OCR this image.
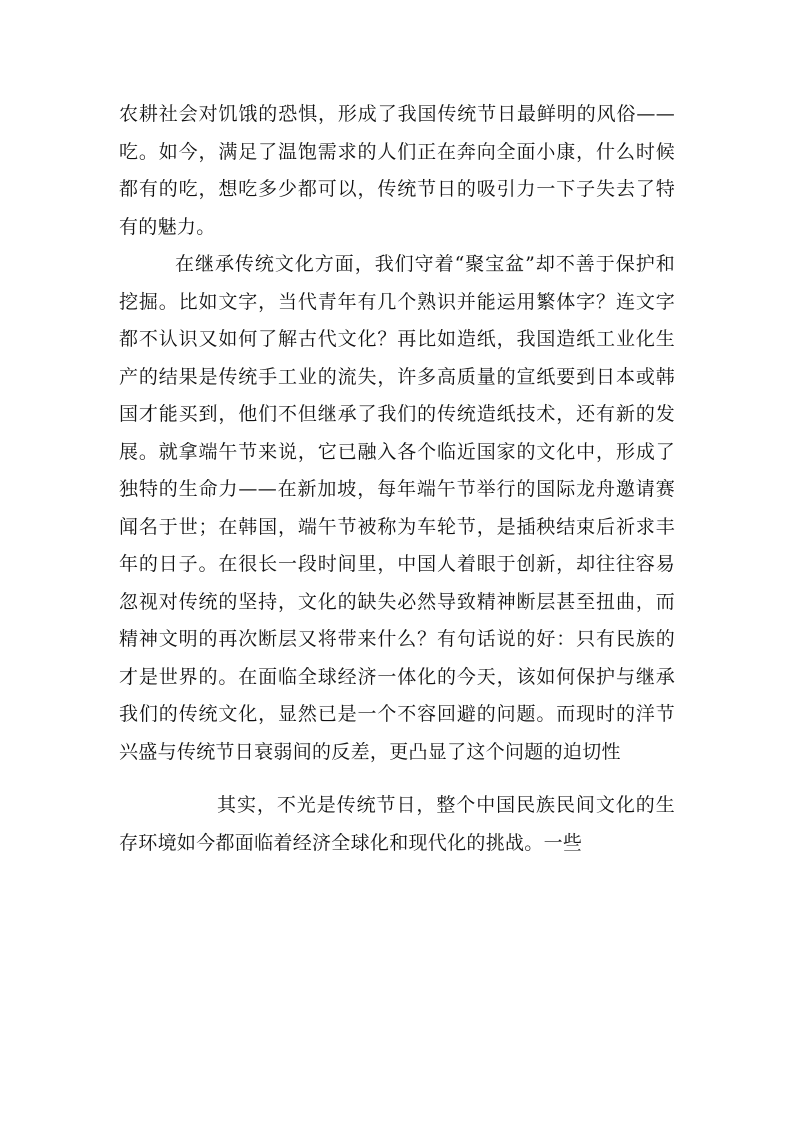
农耕社会对饥饿的恐惧，形成了我国传统节日最鲜明的风俗——吃。如今，满足了温饱需求的人们正在奔向全面小康，什么时候都有的吃，想吃多少都可以，传统节日的吸引力一下子失去了特有的魅力。

在继承传统文化方面，我们守着“聚宝盆”却不善于保护和挖掘。比如文字，当代青年有几个熟识并能运用繁体字？连文字都不认识又如何了解古代文化？再比如造纸，我国造纸工业化生产的结果是传统手工业的流失，许多高质量的宣纸要到日本或韩国才能买到，他们不但继承了我们的传统造纸技术，还有新的发展。就拿端午节来说，它已融入各个临近国家的文化中，形成了独特的生命力——在新加坡，每年端午节举行的国际龙舟邀请赛闻名于世；在韩国，端午节被称为车轮节，是插秧结束后祈求丰年的日子。在很长一段时间里，中国人着眼于创新，却往往容易忽视对传统的坚持，文化的缺失必然导致精神断层甚至扭曲，而精神文明的再次断层又将带来什么？有句话说的好：只有民族的才是世界的。在面临全球经济一体化的今天，该如何保护与继承我们的传统文化，显然已是一个不容回避的问题。而现时的洋节兴盛与传统节日衰弱间的反差，更凸显了这个问题的迫切性

其实，不光是传统节日，整个中国民族民间文化的生存环境如今都面临着经济全球化和现代化的挑战。一些
